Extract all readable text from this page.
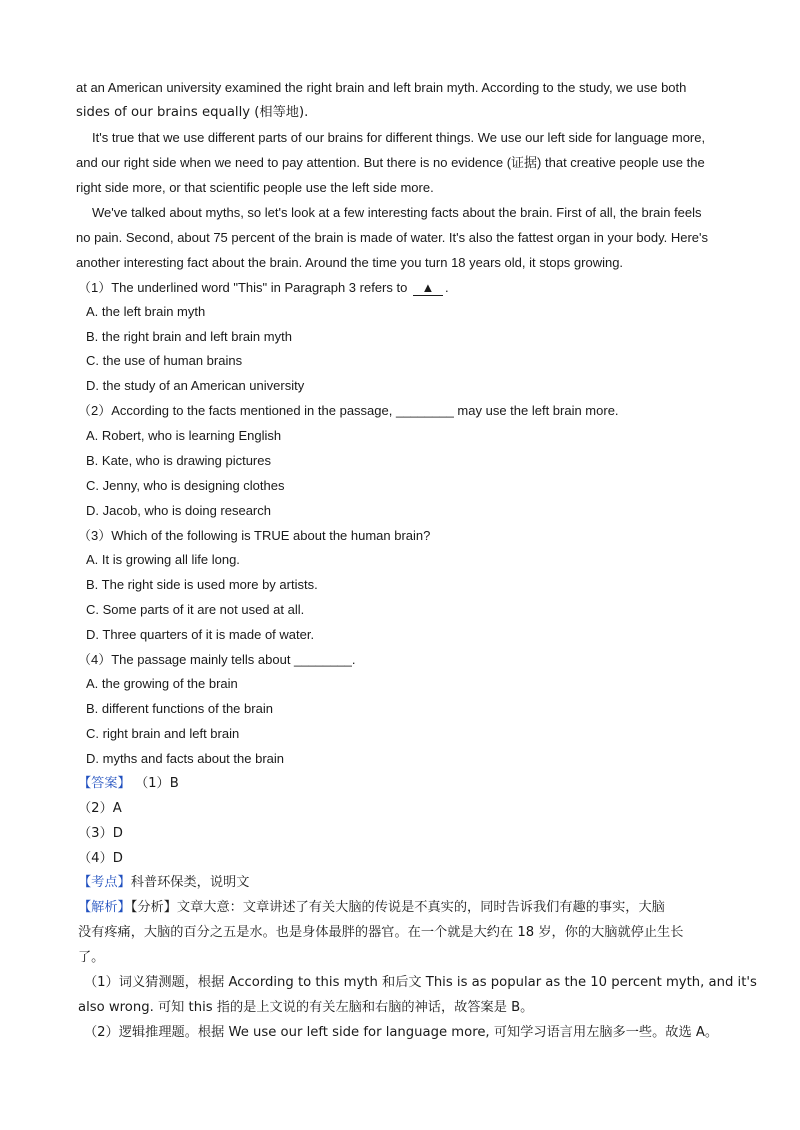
at an American university examined the right brain and left brain myth. According to the study, we use both
sides of our brains equally (相等地).
It's true that we use different parts of our brains for different things. We use our left side for language more,
and our right side when we need to pay attention. But there is no evidence (证据) that creative people use the
right side more, or that scientific people use the left side more.
We've talked about myths, so let's look at a few interesting facts about the brain. First of all, the brain feels
no pain. Second, about 75 percent of the brain is made of water. It's also the fattest organ in your body. Here's
another interesting fact about the brain. Around the time you turn 18 years old, it stops growing.
（1）The underlined word "This" in Paragraph 3 refers to ▲ .
A. the left brain myth
B. the right brain and left brain myth
C. the use of human brains
D. the study of an American university
（2）According to the facts mentioned in the passage, ________ may use the left brain more.
A. Robert, who is learning English
B. Kate, who is drawing pictures
C. Jenny, who is designing clothes
D. Jacob, who is doing research
（3）Which of the following is TRUE about the human brain?
A. It is growing all life long.
B. The right side is used more by artists.
C. Some parts of it are not used at all.
D. Three quarters of it is made of water.
（4）The passage mainly tells about ________.
A. the growing of the brain
B. different functions of the brain
C. right brain and left brain
D. myths and facts about the brain
【答案】 （1）B
（2）A
（3）D
（4）D
【考点】科普环保类，说明文
【解析】【分析】文章大意：文章讲述了有关大脑的传说是不真实的，同时告诉我们有趣的事实，大脑
没有疼痛，大脑的百分之五是水。也是身体最胖的器官。在一个就是大约在 18 岁，你的大脑就停止生长
了。
（1）词义猜测题，根据 According to this myth 和后文 This is as popular as the 10 percent myth, and it's
also wrong. 可知 this 指的是上文说的有关左脑和右脑的神话，故答案是 B。
（2）逻辑推理题。根据 We use our left side for language more, 可知学习语言用左脑多一些。故选 A。
